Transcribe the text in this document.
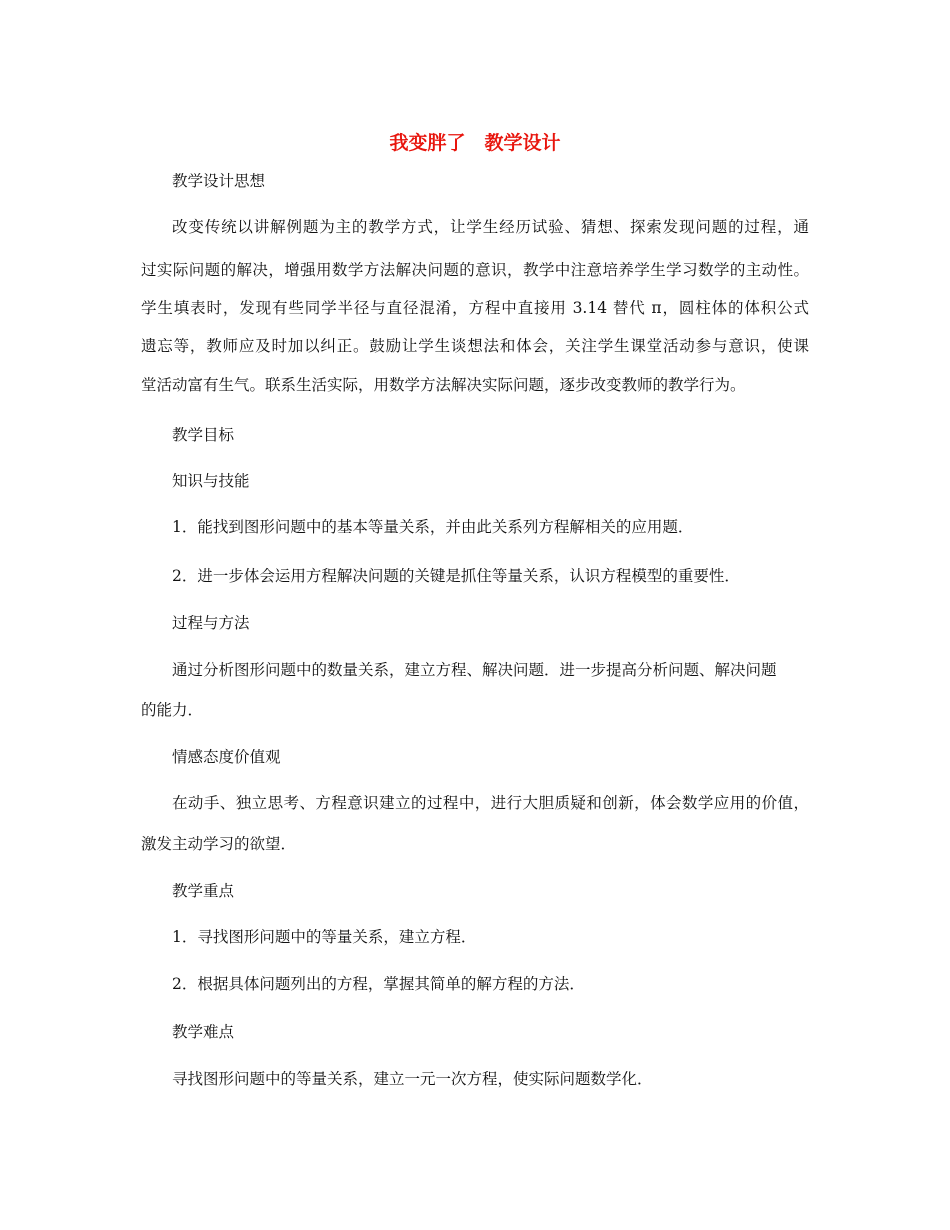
我变胖了　教学设计
教学设计思想
改变传统以讲解例题为主的教学方式，让学生经历试验、猜想、探索发现问题的过程，通
过实际问题的解决，增强用数学方法解决问题的意识，教学中注意培养学生学习数学的主动性。
学生填表时，发现有些同学半径与直径混淆，方程中直接用 3.14 替代 π，圆柱体的体积公式
遗忘等，教师应及时加以纠正。鼓励让学生谈想法和体会，关注学生课堂活动参与意识，使课
堂活动富有生气。联系生活实际，用数学方法解决实际问题，逐步改变教师的教学行为。
教学目标
知识与技能
1．能找到图形问题中的基本等量关系，并由此关系列方程解相关的应用题．
2．进一步体会运用方程解决问题的关键是抓住等量关系，认识方程模型的重要性．
过程与方法
通过分析图形问题中的数量关系，建立方程、解决问题．进一步提高分析问题、解决问题
的能力．
情感态度价值观
在动手、独立思考、方程意识建立的过程中，进行大胆质疑和创新，体会数学应用的价值，
激发主动学习的欲望．
教学重点
1．寻找图形问题中的等量关系，建立方程．
2．根据具体问题列出的方程，掌握其简单的解方程的方法．
教学难点
寻找图形问题中的等量关系，建立一元一次方程，使实际问题数学化．
